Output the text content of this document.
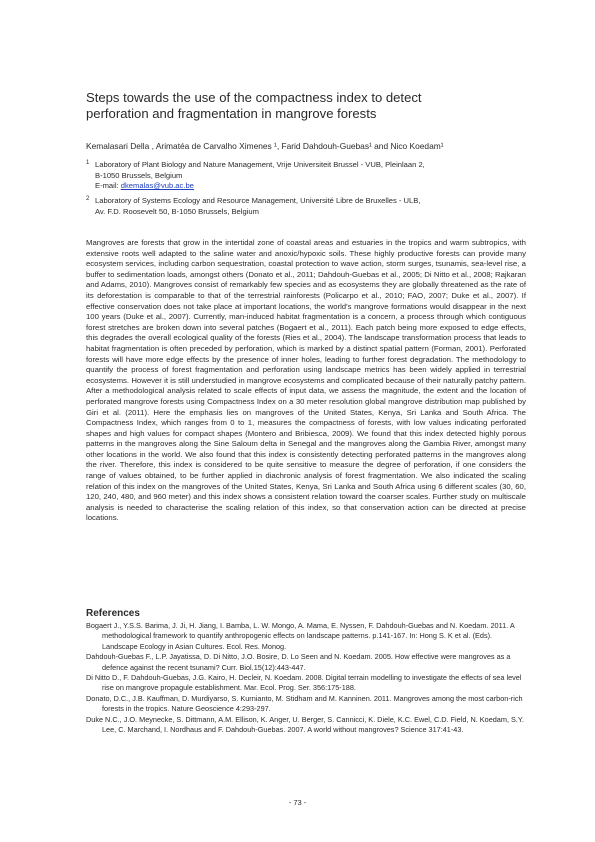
Steps towards the use of the compactness index to detect
perforation and fragmentation in mangrove forests
Kemalasari Della , Arimatéa de Carvalho Ximenes ¹, Farid Dahdouh-Guebas¹ and Nico Koedam¹
1 Laboratory of Plant Biology and Nature Management, Vrije Universiteit Brussel - VUB, Pleinlaan 2,
B-1050 Brussels, Belgium
E-mail: dkemalas@vub.ac.be
2 Laboratory of Systems Ecology and Resource Management, Université Libre de Bruxelles - ULB,
Av. F.D. Roosevelt 50, B-1050 Brussels, Belgium
Mangroves are forests that grow in the intertidal zone of coastal areas and estuaries in the tropics and warm subtropics, with extensive roots well adapted to the saline water and anoxic/hypoxic soils. These highly productive forests can provide many ecosystem services, including carbon sequestration, coastal protection to wave action, storm surges, tsunamis, sea-level rise, a buffer to sedimentation loads, amongst others (Donato et al., 2011; Dahdouh-Guebas et al., 2005; Di Nitto et al., 2008; Rajkaran and Adams, 2010). Mangroves consist of remarkably few species and as ecosystems they are globally threatened as the rate of its deforestation is comparable to that of the terrestrial rainforests (Policarpo et al., 2010; FAO, 2007; Duke et al., 2007). If effective conservation does not take place at important locations, the world's mangrove formations would disappear in the next 100 years (Duke et al., 2007). Currently, man-induced habitat fragmentation is a concern, a process through which contiguous forest stretches are broken down into several patches (Bogaert et al., 2011). Each patch being more exposed to edge effects, this degrades the overall ecological quality of the forests (Ries et al., 2004). The landscape transformation process that leads to habitat fragmentation is often preceded by perforation, which is marked by a distinct spatial pattern (Forman, 2001). Perforated forests will have more edge effects by the presence of inner holes, leading to further forest degradation. The methodology to quantify the process of forest fragmentation and perforation using landscape metrics has been widely applied in terrestrial ecosystems. However it is still understudied in mangrove ecosystems and complicated because of their naturally patchy pattern. After a methodological analysis related to scale effects of input data, we assess the magnitude, the extent and the location of perforated mangrove forests using Compactness Index on a 30 meter resolution global mangrove distribution map published by Giri et al. (2011). Here the emphasis lies on mangroves of the United States, Kenya, Sri Lanka and South Africa. The Compactness Index, which ranges from 0 to 1, measures the compactness of forests, with low values indicating perforated shapes and high values for compact shapes (Montero and Bribiesca, 2009). We found that this index detected highly porous patterns in the mangroves along the Sine Saloum delta in Senegal and the mangroves along the Gambia River, amongst many other locations in the world. We also found that this index is consistently detecting perforated patterns in the mangroves along the river. Therefore, this index is considered to be quite sensitive to measure the degree of perforation, if one considers the range of values obtained, to be further applied in diachronic analysis of forest fragmentation. We also indicated the scaling relation of this index on the mangroves of the United States, Kenya, Sri Lanka and South Africa using 6 different scales (30, 60, 120, 240, 480, and 960 meter) and this index shows a consistent relation toward the coarser scales. Further study on multiscale analysis is needed to characterise the scaling relation of this index, so that conservation action can be directed at precise locations.
References

Bogaert J., Y.S.S. Barima, J. Ji, H. Jiang, I. Bamba, L. W. Mongo, A. Mama, E. Nyssen, F. Dahdouh-Guebas and N. Koedam. 2011. A methodological framework to quantify anthropogenic effects on landscape patterns. p.141-167. In: Hong S. K et al. (Eds). Landscape Ecology in Asian Cultures. Ecol. Res. Monog.

Dahdouh-Guebas F., L.P. Jayatissa, D. Di Nitto, J.O. Bosire, D. Lo Seen and N. Koedam. 2005. How effective were mangroves as a defence against the recent tsunami? Curr. Biol.15(12):443-447.

Di Nitto D., F. Dahdouh-Guebas, J.G. Kairo, H. Decleir, N. Koedam. 2008. Digital terrain modelling to investigate the effects of sea level rise on mangrove propagule establishment. Mar. Ecol. Prog. Ser. 356:175-188.

Donato, D.C., J.B. Kauffman, D. Murdiyarso, S. Kurnianto, M. Stidham and M. Kanninen. 2011. Mangroves among the most carbon-rich forests in the tropics. Nature Geoscience 4:293-297.

Duke N.C., J.O. Meynecke, S. Dittmann, A.M. Ellison, K. Anger, U. Berger, S. Cannicci, K. Diele, K.C. Ewel, C.D. Field, N. Koedam, S.Y. Lee, C. Marchand, I. Nordhaus and F. Dahdouh-Guebas. 2007. A world without mangroves? Science 317:41-43.

- 73 -
